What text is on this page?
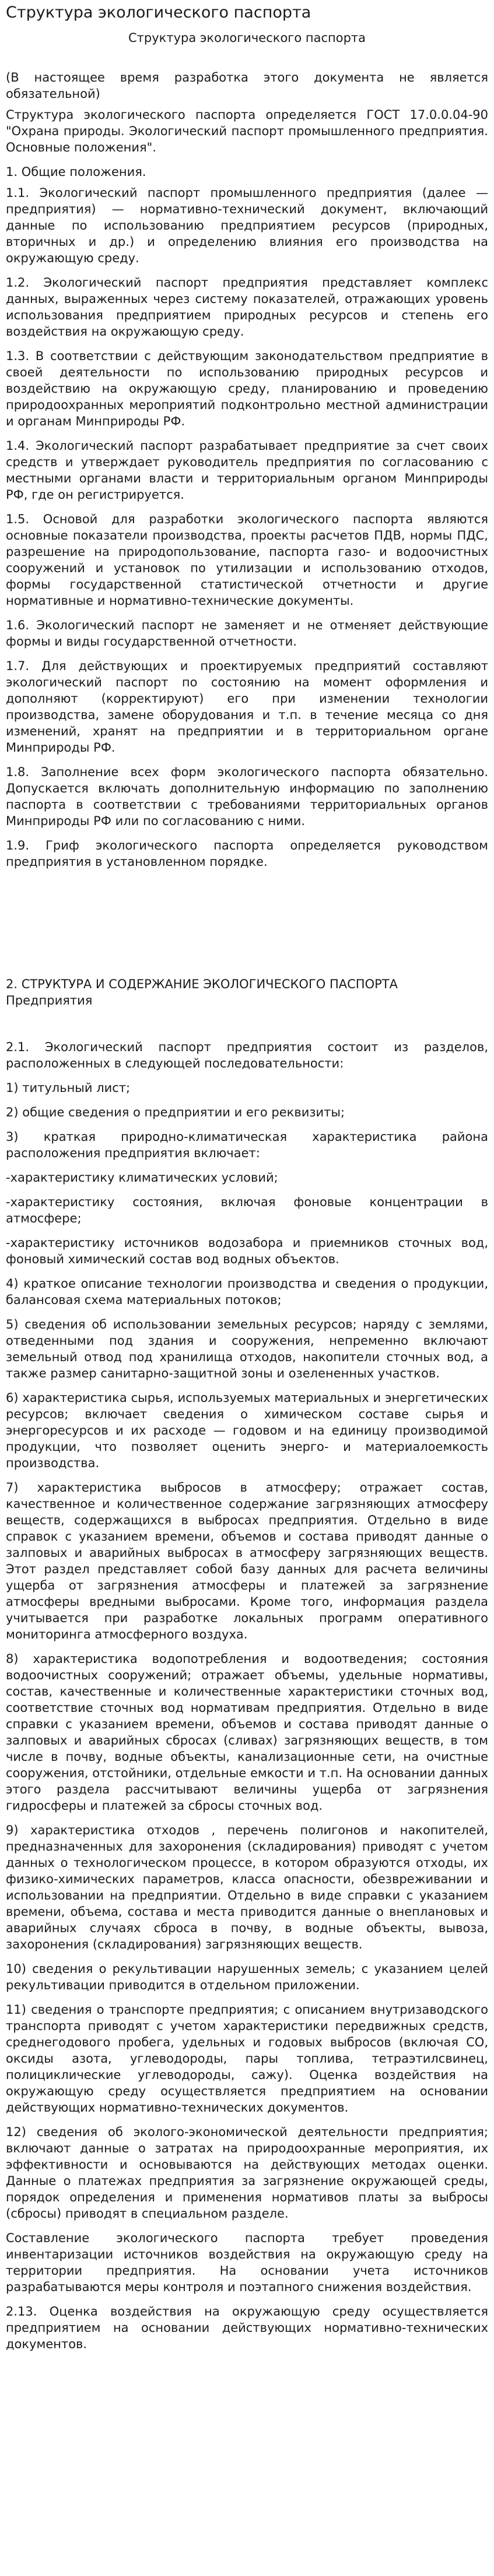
Структура экологического паспорта
Структура экологического паспорта

(В настоящее время разработка этого документа не является обязательной)

Структура экологического паспорта определяется ГОСТ 17.0.0.04-90 "Охрана природы. Экологический паспорт промышленного предприятия. Основные положения".

1. Общие положения.

1.1. Экологический паспорт промышленного предприятия (далее — предприятия) — нормативно-технический документ, включающий данные по использованию предприятием ресурсов (природных, вторичных и др.) и определению влияния его производства на окружающую среду.

1.2. Экологический паспорт предприятия представляет комплекс данных, выраженных через систему показателей, отражающих уровень использования предприятием природных ресурсов и степень его воздействия на окружающую среду.

1.3. В соответствии с действующим законодательством предприятие в своей деятельности по использованию природных ресурсов и воздействию на окружающую среду, планированию и проведению природоохранных мероприятий подконтрольно местной администрации и органам Минприроды РФ.

1.4. Экологический паспорт разрабатывает предприятие за счет своих средств и утверждает руководитель предприятия по согласованию с местными органами власти и территориальным органом Минприроды РФ, где он регистрируется.

1.5. Основой для разработки экологического паспорта являются основные показатели производства, проекты расчетов ПДВ, нормы ПДС, разрешение на природопользование, паспорта газо- и водоочистных сооружений и установок по утилизации и использованию отходов, формы государственной статистической отчетности и другие нормативные и нормативно-технические документы.

1.6. Экологический паспорт не заменяет и не отменяет действующие формы и виды государственной отчетности.

1.7. Для действующих и проектируемых предприятий составляют экологический паспорт по состоянию на момент оформления и дополняют (корректируют) его при изменении технологии производства, замене оборудования и т.п. в течение месяца со дня изменений, хранят на предприятии и в территориальном органе Минприроды РФ.

1.8. Заполнение всех форм экологического паспорта обязательно. Допускается включать дополнительную информацию по заполнению паспорта в соответствии с требованиями территориальных органов Минприроды РФ или по согласованию с ними.

1.9. Гриф экологического паспорта определяется руководством предприятия в установленном порядке.

2. СТРУКТУРА И СОДЕРЖАНИЕ ЭКОЛОГИЧЕСКОГО ПАСПОРТА Предприятия

2.1. Экологический паспорт предприятия состоит из разделов, расположенных в следующей последовательности:

1) титульный лист;

2) общие сведения о предприятии и его реквизиты;

3) краткая природно-климатическая характеристика района расположения предприятия включает:

-характеристику климатических условий;

-характеристику состояния, включая фоновые концентрации в атмосфере;

-характеристику источников водозабора и приемников сточных вод, фоновый химический состав вод водных объектов.

4) краткое описание технологии производства и сведения о продукции, балансовая схема материальных потоков;

5) сведения об использовании земельных ресурсов; наряду с землями, отведенными под здания и сооружения, непременно включают земельный отвод под хранилища отходов, накопители сточных вод, а также размер санитарно-защитной зоны и озелененных участков.

6) характеристика сырья, используемых материальных и энергетических ресурсов; включает сведения о химическом составе сырья и энергоресурсов и их расходе — годовом и на единицу производимой продукции, что позволяет оценить энерго- и материалоемкость производства.

7) характеристика выбросов в атмосферу; отражает состав, качественное и количественное содержание загрязняющих атмосферу веществ, содержащихся в выбросах предприятия. Отдельно в виде справок с указанием времени, объемов и состава приводят данные о залповых и аварийных выбросах в атмосферу загрязняющих веществ. Этот раздел представляет собой базу данных для расчета величины ущерба от загрязнения атмосферы и платежей за загрязнение атмосферы вредными выбросами. Кроме того, информация раздела учитывается при разработке локальных программ оперативного мониторинга атмосферного воздуха.

8) характеристика водопотребления и водоотведения; состояния водоочистных сооружений; отражает объемы, удельные нормативы, состав, качественные и количественные характеристики сточных вод, соответствие сточных вод нормативам предприятия. Отдельно в виде справки с указанием времени, объемов и состава приводят данные о залповых и аварийных сбросах (сливах) загрязняющих веществ, в том числе в почву, водные объекты, канализационные сети, на очистные сооружения, отстойники, отдельные емкости и т.п. На основании данных этого раздела рассчитывают величины ущерба от загрязнения гидросферы и платежей за сбросы сточных вод.

9) характеристика отходов , перечень полигонов и накопителей, предназначенных для захоронения (складирования) приводят с учетом данных о технологическом процессе, в котором образуются отходы, их физико-химических параметров, класса опасности, обезвреживании и использовании на предприятии. Отдельно в виде справки с указанием времени, объема, состава и места приводится данные о внеплановых и аварийных случаях сброса в почву, в водные объекты, вывоза, захоронения (складирования) загрязняющих веществ.

10) сведения о рекультивации нарушенных земель; с указанием целей рекультивации приводится в отдельном приложении.

11) сведения о транспорте предприятия; с описанием внутризаводского транспорта приводят с учетом характеристики передвижных средств, среднегодового пробега, удельных и годовых выбросов (включая СО, оксиды азота, углеводороды, пары топлива, тетраэтилсвинец, полициклические углеводороды, сажу). Оценка воздействия на окружающую среду осуществляется предприятием на основании действующих нормативно-технических документов.

12) сведения об эколого-экономической деятельности предприятия; включают данные о затратах на природоохранные мероприятия, их эффективности и основываются на действующих методах оценки. Данные о платежах предприятия за загрязнение окружающей среды, порядок определения и применения нормативов платы за выбросы (сбросы) приводят в специальном разделе.

Составление экологического паспорта требует проведения инвентаризации источников воздействия на окружающую среду на территории предприятия. На основании учета источников разрабатываются меры контроля и поэтапного снижения воздействия.

2.13. Оценка воздействия на окружающую среду осуществляется предприятием на основании действующих нормативно-технических документов.
